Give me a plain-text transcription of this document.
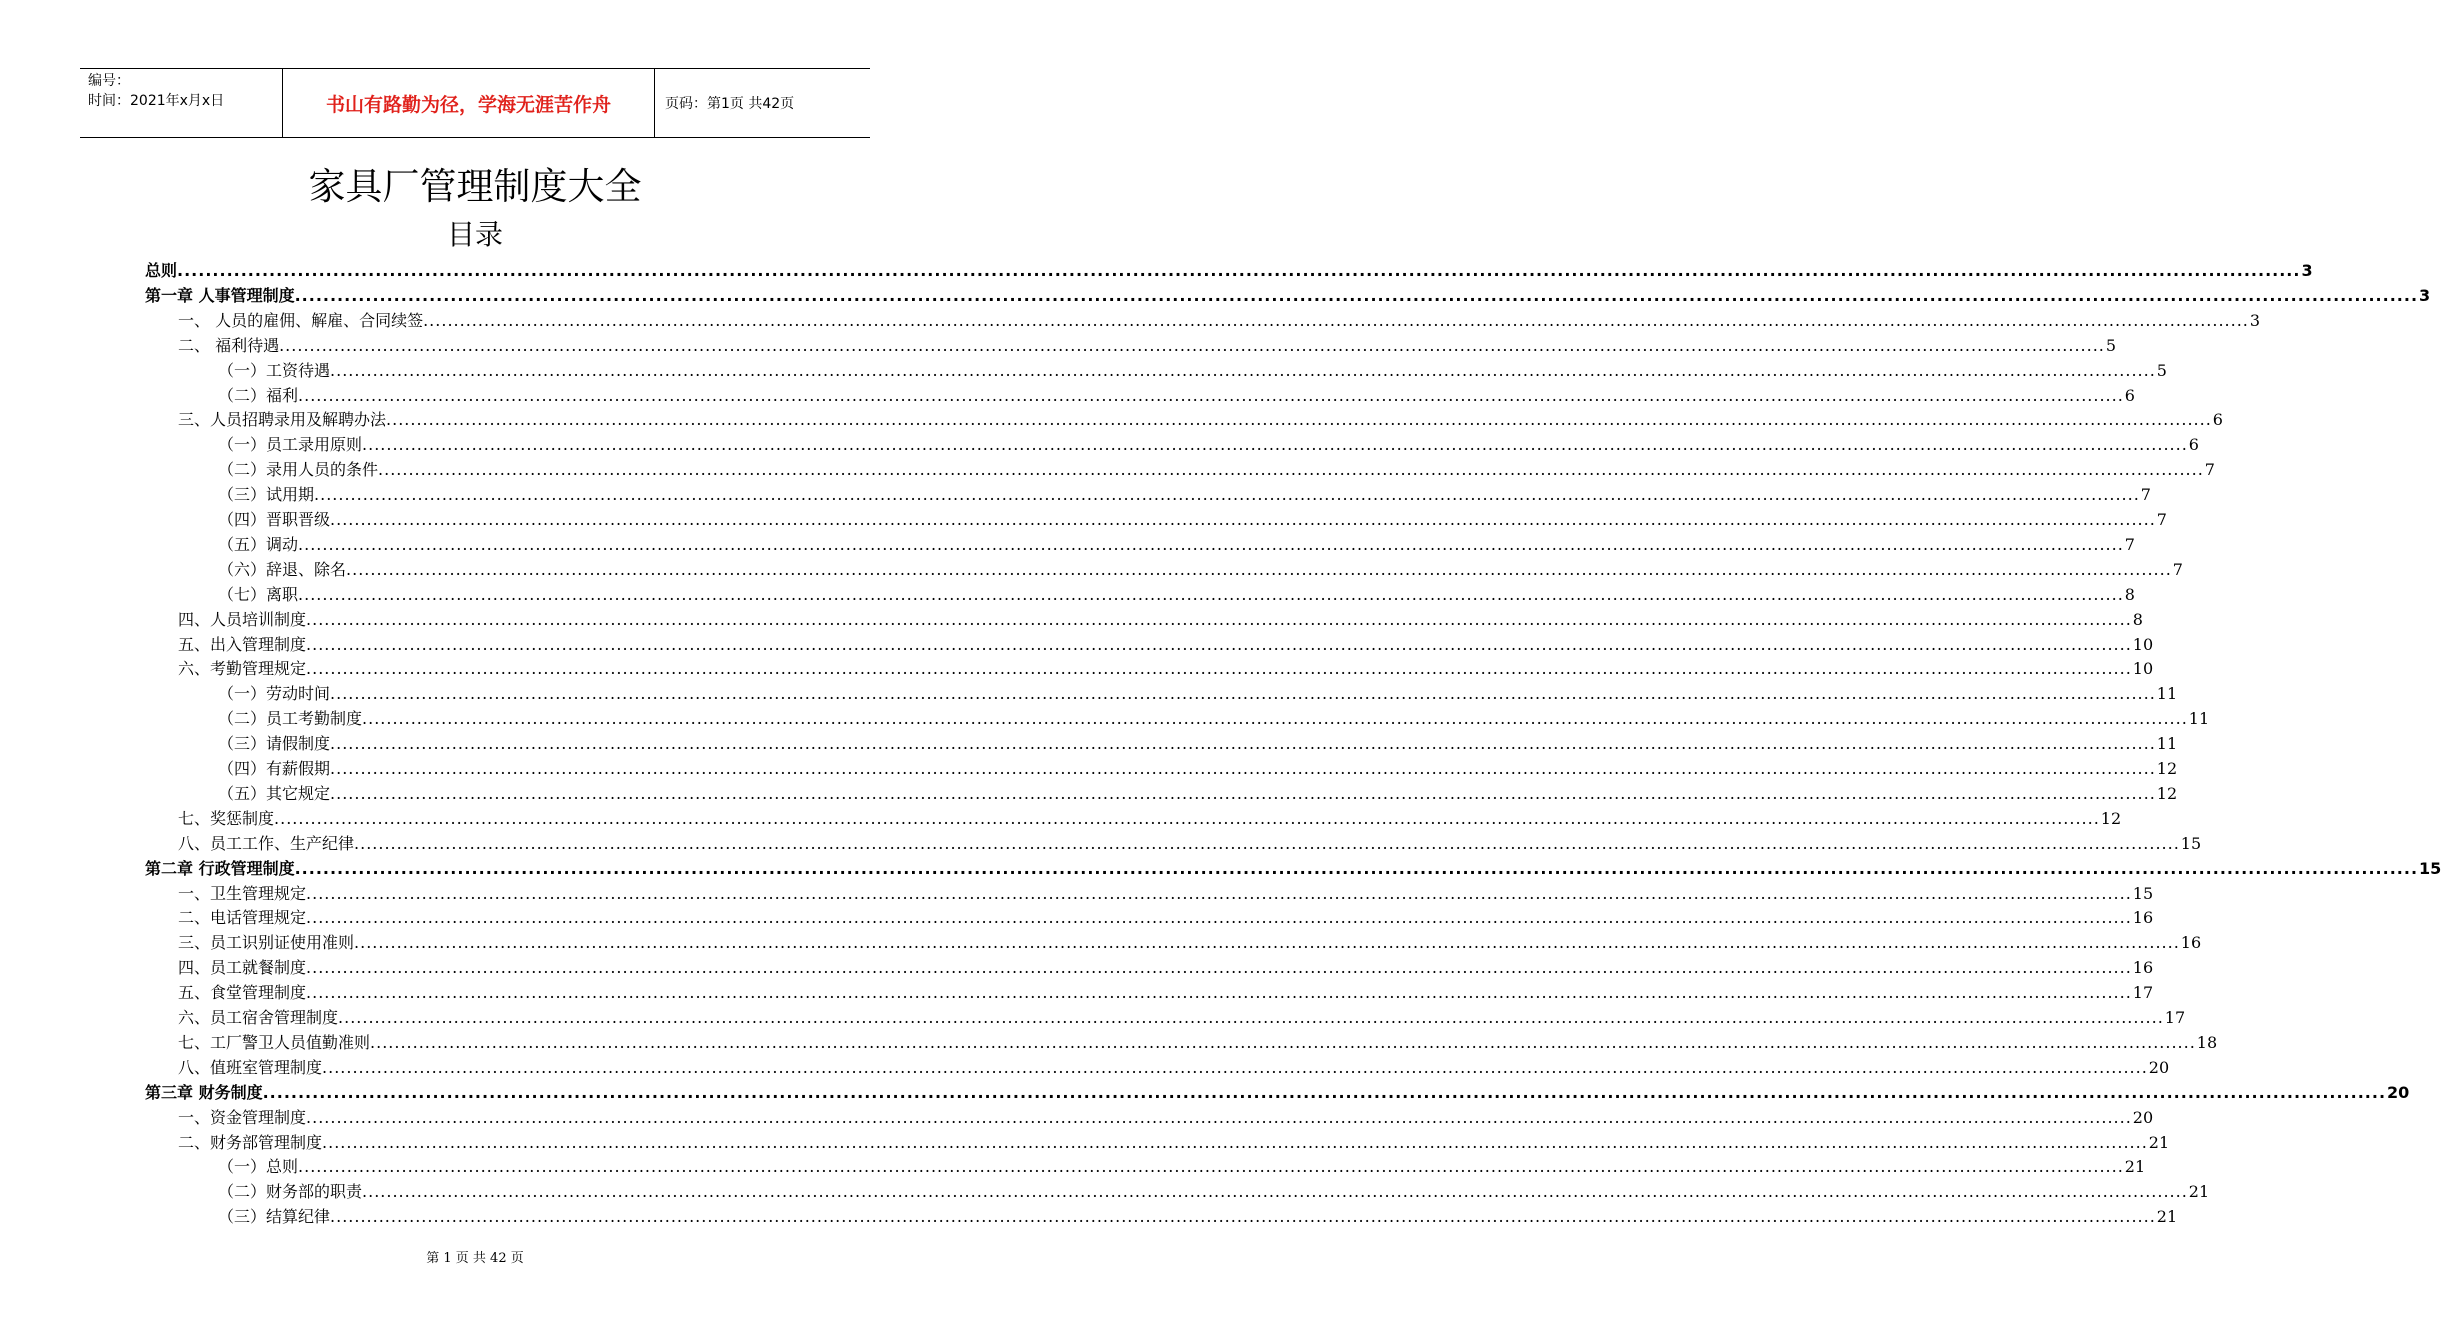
编号：
时间：2021年x月x日	书山有路勤为径，学海无涯苦作舟	页码：第1页 共42页
家具厂管理制度大全
目录
总则 ............................................................................................................................................................................................................................................................................................................ 3
第一章 人事管理制度 ............................................................................................................................................................................................................................................................................................................ 3
一、 人员的雇佣、解雇、合同续签 ............................................................................................................................................................................................................................................................................................................ 3
二、 福利待遇 ............................................................................................................................................................................................................................................................................................................ 5
（一）工资待遇 ............................................................................................................................................................................................................................................................................................................ 5
（二）福利 ............................................................................................................................................................................................................................................................................................................ 6
三、人员招聘录用及解聘办法 ............................................................................................................................................................................................................................................................................................................ 6
（一）员工录用原则 ............................................................................................................................................................................................................................................................................................................ 6
（二）录用人员的条件 ............................................................................................................................................................................................................................................................................................................ 7
（三）试用期 ............................................................................................................................................................................................................................................................................................................ 7
（四）晋职晋级 ............................................................................................................................................................................................................................................................................................................ 7
（五）调动 ............................................................................................................................................................................................................................................................................................................ 7
（六）辞退、除名 ............................................................................................................................................................................................................................................................................................................ 7
（七）离职 ............................................................................................................................................................................................................................................................................................................ 8
四、人员培训制度 ............................................................................................................................................................................................................................................................................................................ 8
五、出入管理制度 ............................................................................................................................................................................................................................................................................................................ 10
六、考勤管理规定 ............................................................................................................................................................................................................................................................................................................ 10
（一）劳动时间 ............................................................................................................................................................................................................................................................................................................ 11
（二）员工考勤制度 ............................................................................................................................................................................................................................................................................................................ 11
（三）请假制度 ............................................................................................................................................................................................................................................................................................................ 11
（四）有薪假期 ............................................................................................................................................................................................................................................................................................................ 12
（五）其它规定 ............................................................................................................................................................................................................................................................................................................ 12
七、奖惩制度 ............................................................................................................................................................................................................................................................................................................ 12
八、员工工作、生产纪律 ............................................................................................................................................................................................................................................................................................................ 15
第二章 行政管理制度 ............................................................................................................................................................................................................................................................................................................ 15
一、卫生管理规定 ............................................................................................................................................................................................................................................................................................................ 15
二、电话管理规定 ............................................................................................................................................................................................................................................................................................................ 16
三、员工识别证使用准则 ............................................................................................................................................................................................................................................................................................................ 16
四、员工就餐制度 ............................................................................................................................................................................................................................................................................................................ 16
五、食堂管理制度 ............................................................................................................................................................................................................................................................................................................ 17
六、员工宿舍管理制度 ............................................................................................................................................................................................................................................................................................................ 17
七、工厂警卫人员值勤准则 ............................................................................................................................................................................................................................................................................................................ 18
八、值班室管理制度 ............................................................................................................................................................................................................................................................................................................ 20
第三章 财务制度 ............................................................................................................................................................................................................................................................................................................ 20
一、资金管理制度 ............................................................................................................................................................................................................................................................................................................ 20
二、财务部管理制度 ............................................................................................................................................................................................................................................................................................................ 21
（一）总则 ............................................................................................................................................................................................................................................................................................................ 21
（二）财务部的职责 ............................................................................................................................................................................................................................................................................................................ 21
（三）结算纪律 ............................................................................................................................................................................................................................................................................................................ 21
第 1 页 共 42 页
